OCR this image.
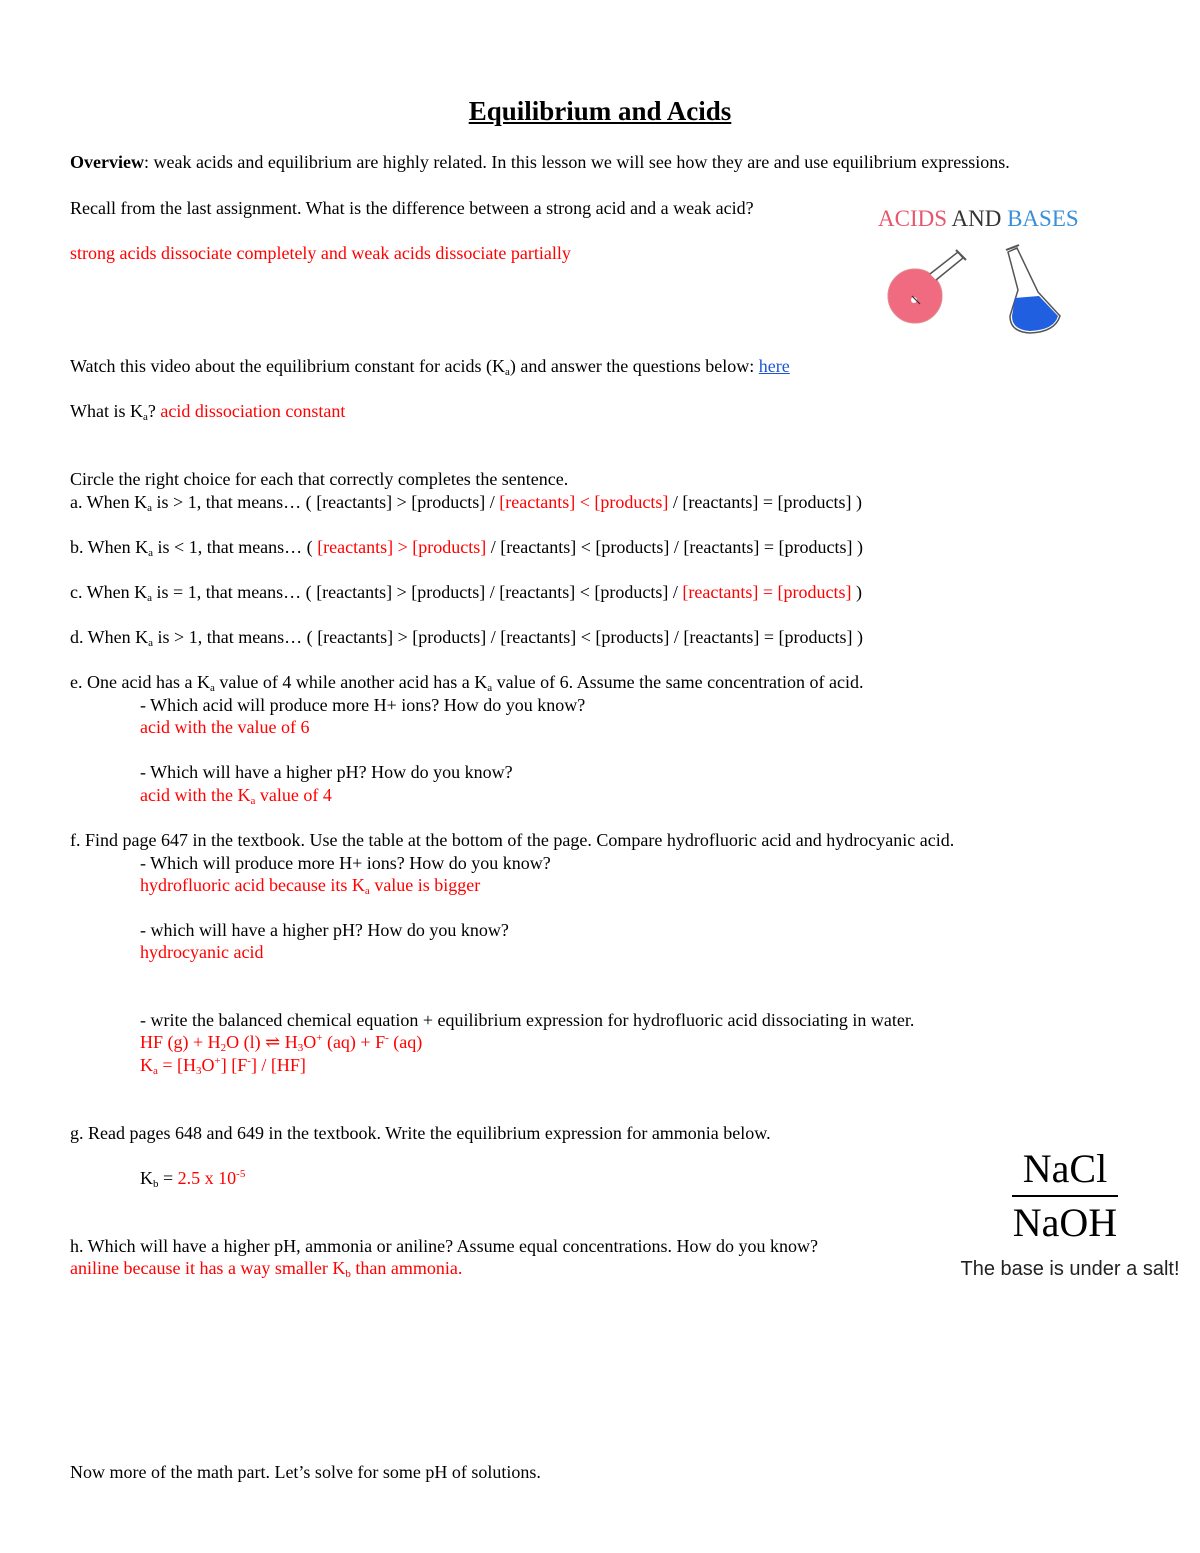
Equilibrium and Acids
Overview: weak acids and equilibrium are highly related. In this lesson we will see how they are and use equilibrium expressions.
Recall from the last assignment. What is the difference between a strong acid and a weak acid?
strong acids dissociate completely and weak acids dissociate partially
ACIDS AND BASES
Watch this video about the equilibrium constant for acids $(K_a)$ and answer the questions below: here
What is $K_a$? acid dissociation constant
Circle the right choice for each that correctly completes the sentence.
a. When $K_a$ is > 1, that means… ( [reactants] > [products] / [reactants] < [products] / [reactants] = [products] )
b. When $K_a$ is < 1, that means… ( [reactants] > [products] / [reactants] < [products] / [reactants] = [products] )
c. When $K_a$ is = 1, that means… ( [reactants] > [products] / [reactants] < [products] / [reactants] = [products] )
d. When $K_a$ is > 1, that means… ( [reactants] > [products] / [reactants] < [products] / [reactants] = [products] )
e. One acid has a $K_a$ value of 4 while another acid has a $K_a$ value of 6. Assume the same concentration of acid.
- Which acid will produce more H+ ions? How do you know?
acid with the value of 6
- Which will have a higher pH? How do you know?
acid with the $K_a$ value of 4
f. Find page 647 in the textbook. Use the table at the bottom of the page. Compare hydrofluoric acid and hydrocyanic acid.
- Which will produce more H+ ions? How do you know?
hydrofluoric acid because its $K_a$ value is bigger
- which will have a higher pH? How do you know?
hydrocyanic acid
- write the balanced chemical equation + equilibrium expression for hydrofluoric acid dissociating in water.
HF $(g) + H_2O$ (l) ⇌ $H_3O^+$ (aq) + F- (aq)
$K_a = [H_3O^+]$ [F-] / [HF]
g. Read pages 648 and 649 in the textbook. Write the equilibrium expression for ammonia below.
$K_b = 2.5$ x $10^{-5}$
h. Which will have a higher pH, ammonia or aniline? Assume equal concentrations. How do you know?
aniline because it has a way smaller $K_b$ than ammonia.
NaCl
NaOH
The base is under a salt!
Now more of the math part. Let’s solve for some pH of solutions.
